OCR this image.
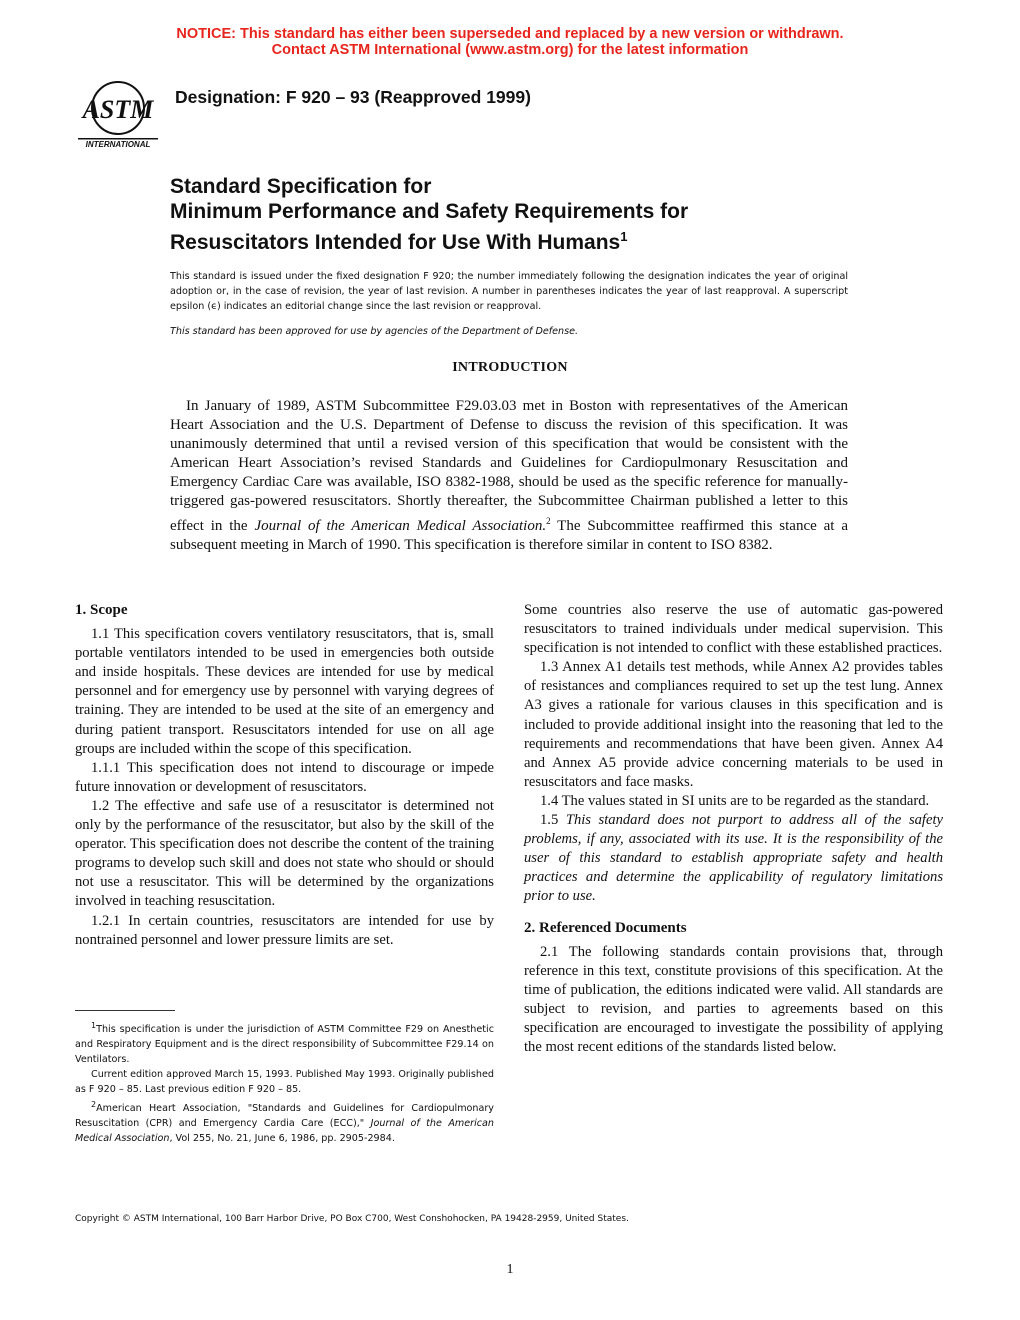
NOTICE: This standard has either been superseded and replaced by a new version or withdrawn.
Contact ASTM International (www.astm.org) for the latest information
ASTM
INTERNATIONAL
Designation: F 920 – 93 (Reapproved 1999)
Standard Specification for
Minimum Performance and Safety Requirements for
Resuscitators Intended for Use With Humans$^1$
This standard is issued under the fixed designation F 920; the number immediately following the designation indicates the year of original adoption or, in the case of revision, the year of last revision. A number in parentheses indicates the year of last reapproval. A superscript epsilon (ϵ) indicates an editorial change since the last revision or reapproval.
This standard has been approved for use by agencies of the Department of Defense.
INTRODUCTION
In January of 1989, ASTM Subcommittee F29.03.03 met in Boston with representatives of the American Heart Association and the U.S. Department of Defense to discuss the revision of this specification. It was unanimously determined that until a revised version of this specification that would be consistent with the American Heart Association’s revised Standards and Guidelines for Cardiopulmonary Resuscitation and Emergency Cardiac Care was available, ISO 8382-1988, should be used as the specific reference for manually-triggered gas-powered resuscitators. Shortly thereafter, the Subcommittee Chairman published a letter to this effect in the Journal of the American Medical Association.$^2$ The Subcommittee reaffirmed this stance at a subsequent meeting in March of 1990. This specification is therefore similar in content to ISO 8382.
1. Scope

1.1 This specification covers ventilatory resuscitators, that is, small portable ventilators intended to be used in emergencies both outside and inside hospitals. These devices are intended for use by medical personnel and for emergency use by personnel with varying degrees of training. They are intended to be used at the site of an emergency and during patient transport. Resuscitators intended for use on all age groups are included within the scope of this specification.

1.1.1 This specification does not intend to discourage or impede future innovation or development of resuscitators.

1.2 The effective and safe use of a resuscitator is determined not only by the performance of the resuscitator, but also by the skill of the operator. This specification does not describe the content of the training programs to develop such skill and does not state who should or should not use a resuscitator. This will be determined by the organizations involved in teaching resuscitation.

1.2.1 In certain countries, resuscitators are intended for use by nontrained personnel and lower pressure limits are set.

$^1$This specification is under the jurisdiction of ASTM Committee F29 on Anesthetic and Respiratory Equipment and is the direct responsibility of Subcommittee F29.14 on Ventilators.

Current edition approved March 15, 1993. Published May 1993. Originally published as F 920 – 85. Last previous edition F 920 – 85.

$^2$American Heart Association, "Standards and Guidelines for Cardiopulmonary Resuscitation (CPR) and Emergency Cardia Care (ECC)," Journal of the American Medical Association, Vol 255, No. 21, June 6, 1986, pp. 2905-2984.

Some countries also reserve the use of automatic gas-powered resuscitators to trained individuals under medical supervision. This specification is not intended to conflict with these established practices.

1.3 Annex A1 details test methods, while Annex A2 provides tables of resistances and compliances required to set up the test lung. Annex A3 gives a rationale for various clauses in this specification and is included to provide additional insight into the reasoning that led to the requirements and recommendations that have been given. Annex A4 and Annex A5 provide advice concerning materials to be used in resuscitators and face masks.

1.4 The values stated in SI units are to be regarded as the standard.

1.5 This standard does not purport to address all of the safety problems, if any, associated with its use. It is the responsibility of the user of this standard to establish appropriate safety and health practices and determine the applicability of regulatory limitations prior to use.

2. Referenced Documents

2.1 The following standards contain provisions that, through reference in this text, constitute provisions of this specification. At the time of publication, the editions indicated were valid. All standards are subject to revision, and parties to agreements based on this specification are encouraged to investigate the possibility of applying the most recent editions of the standards listed below.

Copyright © ASTM International, 100 Barr Harbor Drive, PO Box C700, West Conshohocken, PA 19428-2959, United States.
1
